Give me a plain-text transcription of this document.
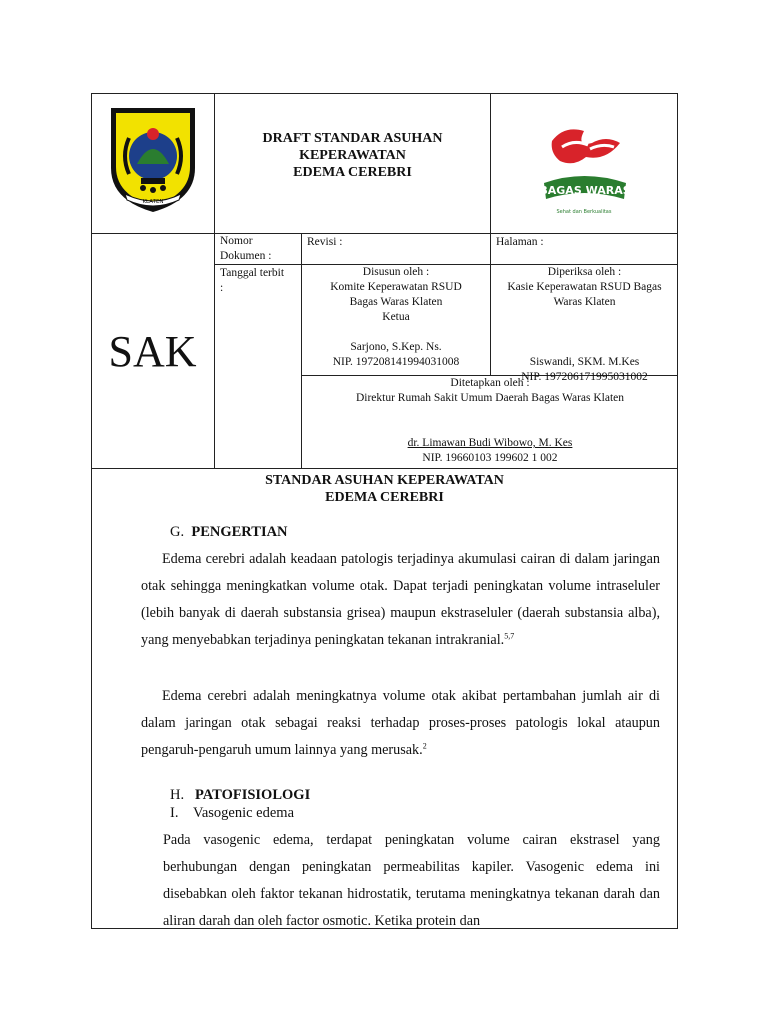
KLATEN
DRAFT STANDAR ASUHAN
KEPERAWATAN
EDEMA CEREBRI
BAGAS WARAS
Sehat dan Berkualitas
SAK
Nomor Dokumen :
Revisi :	Halaman :
Tanggal terbit :
Disusun oleh :
Komite Keperawatan RSUD Bagas Waras Klaten
Ketua
Sarjono, S.Kep. Ns.
NIP. 197208141994031008
Diperiksa oleh :
Kasie Keperawatan RSUD Bagas Waras Klaten
Siswandi, SKM. M.Kes
NIP. 197206171995031002
Ditetapkan oleh :
Direktur Rumah Sakit Umum Daerah Bagas Waras Klaten
dr. Limawan Budi Wibowo, M. Kes
NIP. 19660103 199602 1 002
STANDAR ASUHAN KEPERAWATAN
EDEMA CEREBRI
G. PENGERTIAN
Edema cerebri adalah keadaan patologis terjadinya akumulasi cairan di dalam jaringan otak sehingga meningkatkan volume otak. Dapat terjadi peningkatan volume intraseluler (lebih banyak di daerah substansia grisea) maupun ekstraseluler (daerah substansia alba), yang menyebabkan terjadinya peningkatan tekanan intrakranial.$^{5,7}$
Edema cerebri adalah meningkatnya volume otak akibat pertambahan jumlah air di dalam jaringan otak sebagai reaksi terhadap proses-proses patologis lokal ataupun pengaruh-pengaruh umum lainnya yang merusak.$^2$
H. PATOFISIOLOGI
I. Vasogenic edema
Pada vasogenic edema, terdapat peningkatan volume cairan ekstrasel yang berhubungan dengan peningkatan permeabilitas kapiler. Vasogenic edema ini disebabkan oleh faktor tekanan hidrostatik, terutama meningkatnya tekanan darah dan aliran darah dan oleh factor osmotic. Ketika protein dan
